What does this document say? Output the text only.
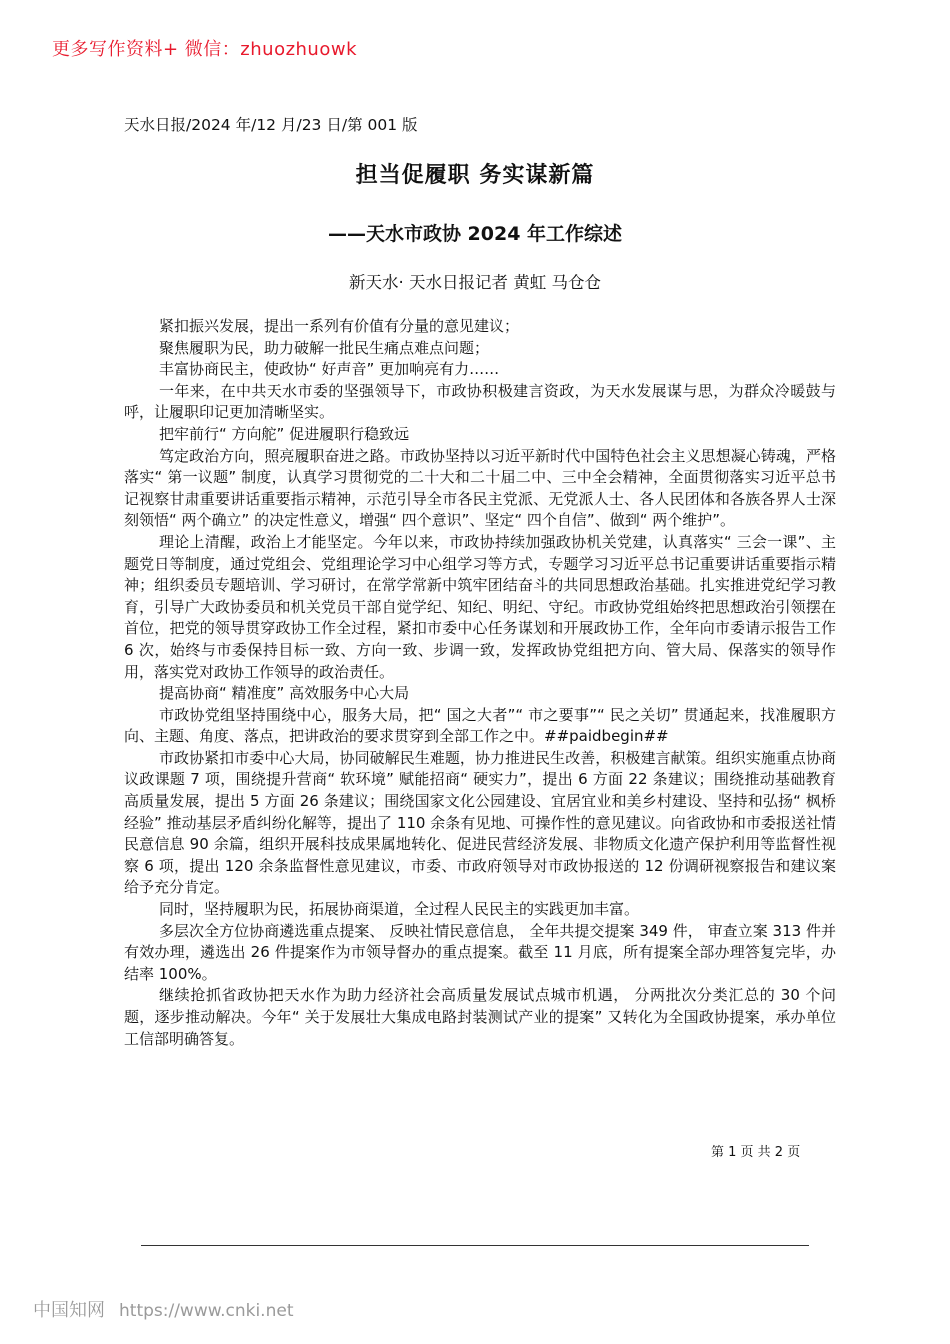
更多写作资料+ 微信：zhuozhuowk
天水日报/2024 年/12 月/23 日/第 001 版
担当促履职 务实谋新篇
——天水市政协 2024 年工作综述
新天水· 天水日报记者 黄虹 马仓仓

紧扣振兴发展，提出一系列有价值有分量的意见建议；

聚焦履职为民，助力破解一批民生痛点难点问题；

丰富协商民主，使政协“ 好声音” 更加响亮有力……

一年来，在中共天水市委的坚强领导下，市政协积极建言资政，为天水发展谋与思，为群众冷暖鼓与呼，让履职印记更加清晰坚实。

把牢前行“ 方向舵” 促进履职行稳致远

笃定政治方向，照亮履职奋进之路。市政协坚持以习近平新时代中国特色社会主义思想凝心铸魂，严格落实“ 第一议题” 制度，认真学习贯彻党的二十大和二十届二中、三中全会精神，全面贯彻落实习近平总书记视察甘肃重要讲话重要指示精神，示范引导全市各民主党派、无党派人士、各人民团体和各族各界人士深刻领悟“ 两个确立” 的决定性意义，增强“ 四个意识”、坚定“ 四个自信”、做到“ 两个维护”。

理论上清醒，政治上才能坚定。今年以来，市政协持续加强政协机关党建，认真落实“ 三会一课”、主题党日等制度，通过党组会、党组理论学习中心组学习等方式，专题学习习近平总书记重要讲话重要指示精神；组织委员专题培训、学习研讨，在常学常新中筑牢团结奋斗的共同思想政治基础。扎实推进党纪学习教育，引导广大政协委员和机关党员干部自觉学纪、知纪、明纪、守纪。市政协党组始终把思想政治引领摆在首位，把党的领导贯穿政协工作全过程，紧扣市委中心任务谋划和开展政协工作，全年向市委请示报告工作 6 次，始终与市委保持目标一致、方向一致、步调一致，发挥政协党组把方向、管大局、保落实的领导作用，落实党对政协工作领导的政治责任。

提高协商“ 精准度” 高效服务中心大局

市政协党组坚持围绕中心，服务大局，把“ 国之大者”“ 市之要事”“ 民之关切” 贯通起来，找准履职方向、主题、角度、落点，把讲政治的要求贯穿到全部工作之中。##paidbegin##

市政协紧扣市委中心大局，协同破解民生难题，协力推进民生改善，积极建言献策。组织实施重点协商议政课题 7 项，围绕提升营商“ 软环境” 赋能招商“ 硬实力”，提出 6 方面 22 条建议；围绕推动基础教育高质量发展，提出 5 方面 26 条建议；围绕国家文化公园建设、宜居宜业和美乡村建设、坚持和弘扬“ 枫桥经验” 推动基层矛盾纠纷化解等，提出了 110 余条有见地、可操作性的意见建议。向省政协和市委报送社情民意信息 90 余篇，组织开展科技成果属地转化、促进民营经济发展、非物质文化遗产保护利用等监督性视察 6 项，提出 120 余条监督性意见建议，市委、市政府领导对市政协报送的 12 份调研视察报告和建议案给予充分肯定。

同时，坚持履职为民，拓展协商渠道，全过程人民民主的实践更加丰富。

多层次全方位协商遴选重点提案、 反映社情民意信息， 全年共提交提案 349 件， 审查立案 313 件并有效办理，遴选出 26 件提案作为市领导督办的重点提案。截至 11 月底，所有提案全部办理答复完毕，办结率 100%。

继续抢抓省政协把天水作为助力经济社会高质量发展试点城市机遇， 分两批次分类汇总的 30 个问题，逐步推动解决。今年“ 关于发展壮大集成电路封装测试产业的提案” 又转化为全国政协提案，承办单位工信部明确答复。

第 1 页 共 2 页
中国知网 https://www.cnki.net
